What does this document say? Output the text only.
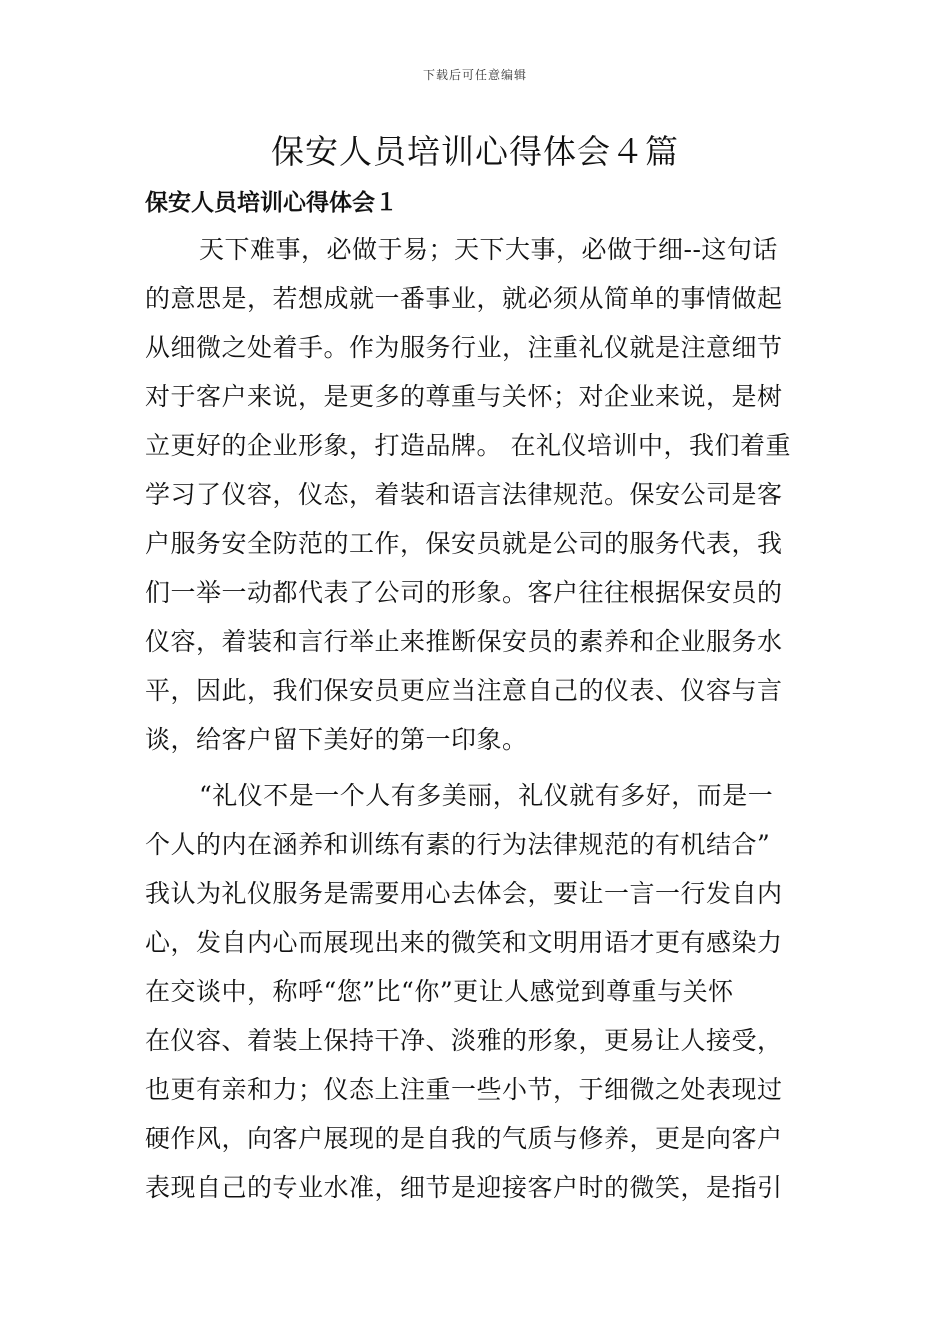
下载后可任意编辑
保安人员培训心得体会４篇
保安人员培训心得体会１
天下难事，必做于易；天下大事，必做于细--这句话
的意思是，若想成就一番事业，就必须从简单的事情做起
从细微之处着手。作为服务行业，注重礼仪就是注意细节
对于客户来说，是更多的尊重与关怀；对企业来说，是树
立更好的企业形象，打造品牌。 在礼仪培训中，我们着重
学习了仪容，仪态，着装和语言法律规范。保安公司是客
户服务安全防范的工作，保安员就是公司的服务代表，我
们一举一动都代表了公司的形象。客户往往根据保安员的
仪容，着装和言行举止来推断保安员的素养和企业服务水
平，因此，我们保安员更应当注意自己的仪表、仪容与言
谈，给客户留下美好的第一印象。
“礼仪不是一个人有多美丽，礼仪就有多好，而是一
个人的内在涵养和训练有素的行为法律规范的有机结合”
我认为礼仪服务是需要用心去体会，要让一言一行发自内
心，发自内心而展现出来的微笑和文明用语才更有感染力
在交谈中，称呼“您”比“你”更让人感觉到尊重与关怀
在仪容、着装上保持干净、淡雅的形象，更易让人接受，
也更有亲和力；仪态上注重一些小节，于细微之处表现过
硬作风，向客户展现的是自我的气质与修养，更是向客户
表现自己的专业水准，细节是迎接客户时的微笑，是指引
